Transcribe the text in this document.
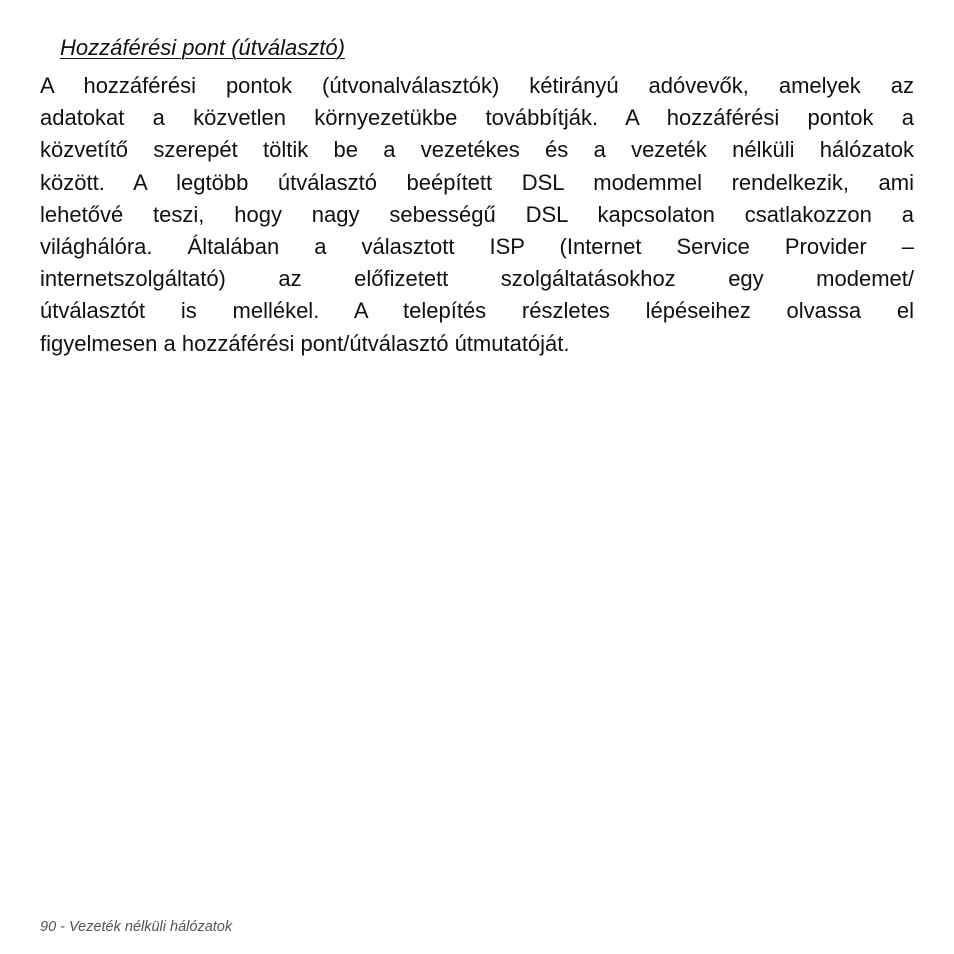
Hozzáférési pont (útválasztó)
A hozzáférési pontok (útvonalválasztók) kétirányú adóvevők, amelyek az
adatokat a közvetlen környezetükbe továbbítják. A hozzáférési pontok a
közvetítő szerepét töltik be a vezetékes és a vezeték nélküli hálózatok
között. A legtöbb útválasztó beépített DSL modemmel rendelkezik, ami
lehetővé teszi, hogy nagy sebességű DSL kapcsolaton csatlakozzon a
világhálóra. Általában a választott ISP (Internet Service Provider –
internetszolgáltató) az előfizetett szolgáltatásokhoz egy modemet/
útválasztót is mellékel. A telepítés részletes lépéseihez olvassa el
figyelmesen a hozzáférési pont/útválasztó útmutatóját.
90 - Vezeték nélküli hálózatok
